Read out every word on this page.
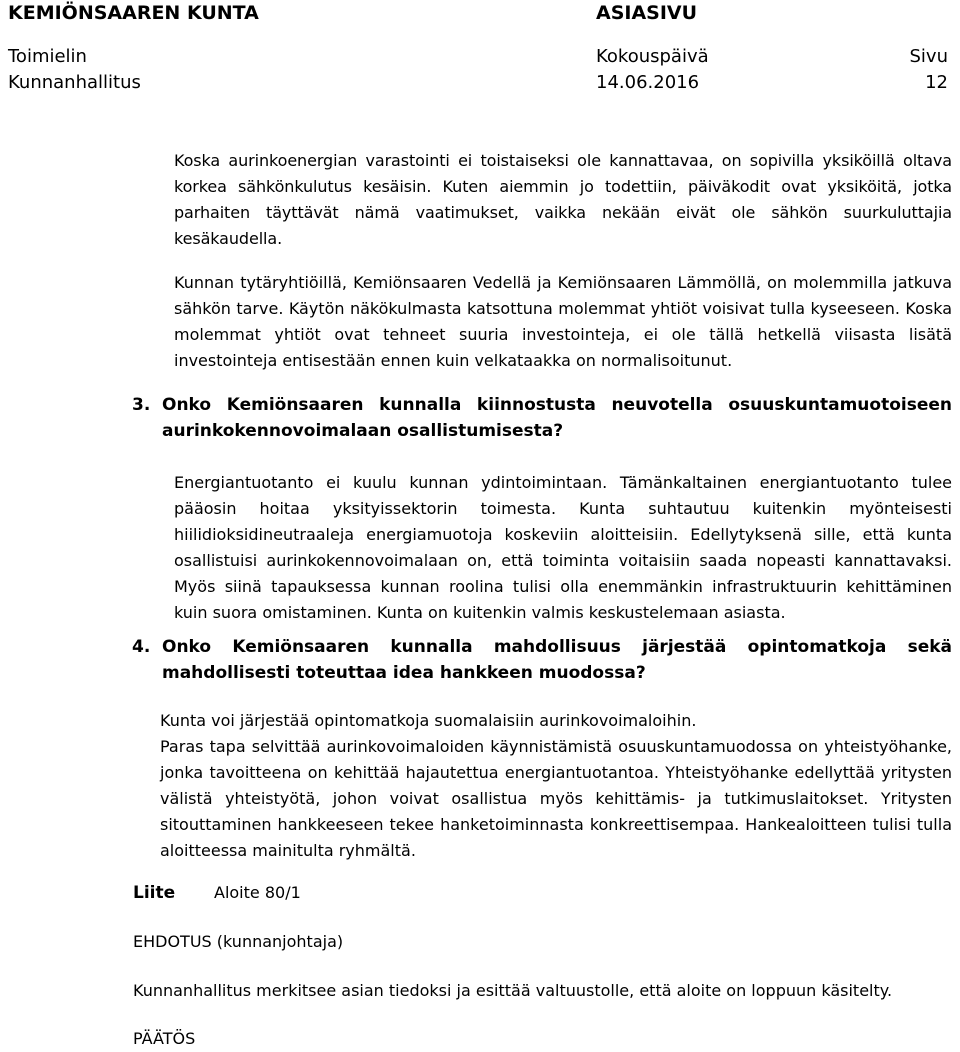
KEMIÖNSAAREN KUNTA	ASIASIVU
Toimielin	Kokouspäivä	Sivu
Kunnanhallitus	14.06.2016	12
Koska aurinkoenergian varastointi ei toistaiseksi ole kannattavaa, on sopivilla yksiköillä oltava korkea sähkönkulutus kesäisin. Kuten aiemmin jo todettiin, päiväkodit ovat yksiköitä, jotka parhaiten täyttävät nämä vaatimukset, vaikka nekään eivät ole sähkön suurkuluttajia kesäkaudella.
Kunnan tytäryhtiöillä, Kemiönsaaren Vedellä ja Kemiönsaaren Lämmöllä, on molemmilla jatkuva sähkön tarve. Käytön näkökulmasta katsottuna molemmat yhtiöt voisivat tulla kyseeseen. Koska molemmat yhtiöt ovat tehneet suuria investointeja, ei ole tällä hetkellä viisasta lisätä investointeja entisestään ennen kuin velkataakka on normalisoitunut.
3. Onko Kemiönsaaren kunnalla kiinnostusta neuvotella osuuskuntamuotoiseen aurinkokennovoimalaan osallistumisesta?
Energiantuotanto ei kuulu kunnan ydintoimintaan. Tämänkaltainen energiantuotanto tulee pääosin hoitaa yksityissektorin toimesta. Kunta suhtautuu kuitenkin myönteisesti hiilidioksidineutraaleja energiamuotoja koskeviin aloitteisiin. Edellytyksenä sille, että kunta osallistuisi aurinkokennovoimalaan on, että toiminta voitaisiin saada nopeasti kannattavaksi. Myös siinä tapauksessa kunnan roolina tulisi olla enemmänkin infrastruktuurin kehittäminen kuin suora omistaminen. Kunta on kuitenkin valmis keskustelemaan asiasta.
4. Onko Kemiönsaaren kunnalla mahdollisuus järjestää opintomatkoja sekä mahdollisesti toteuttaa idea hankkeen muodossa?
Kunta voi järjestää opintomatkoja suomalaisiin aurinkovoimaloihin.
Paras tapa selvittää aurinkovoimaloiden käynnistämistä osuuskuntamuodossa on yhteistyöhanke, jonka tavoitteena on kehittää hajautettua energiantuotantoa. Yhteistyöhanke edellyttää yritysten välistä yhteistyötä, johon voivat osallistua myös kehittämis- ja tutkimuslaitokset. Yritysten sitouttaminen hankkeeseen tekee hanketoiminnasta konkreettisempaa. Hankealoitteen tulisi tulla aloitteessa mainitulta ryhmältä.
Liite Aloite 80/1
EHDOTUS (kunnanjohtaja)
Kunnanhallitus merkitsee asian tiedoksi ja esittää valtuustolle, että aloite on loppuun käsitelty.
PÄÄTÖS
